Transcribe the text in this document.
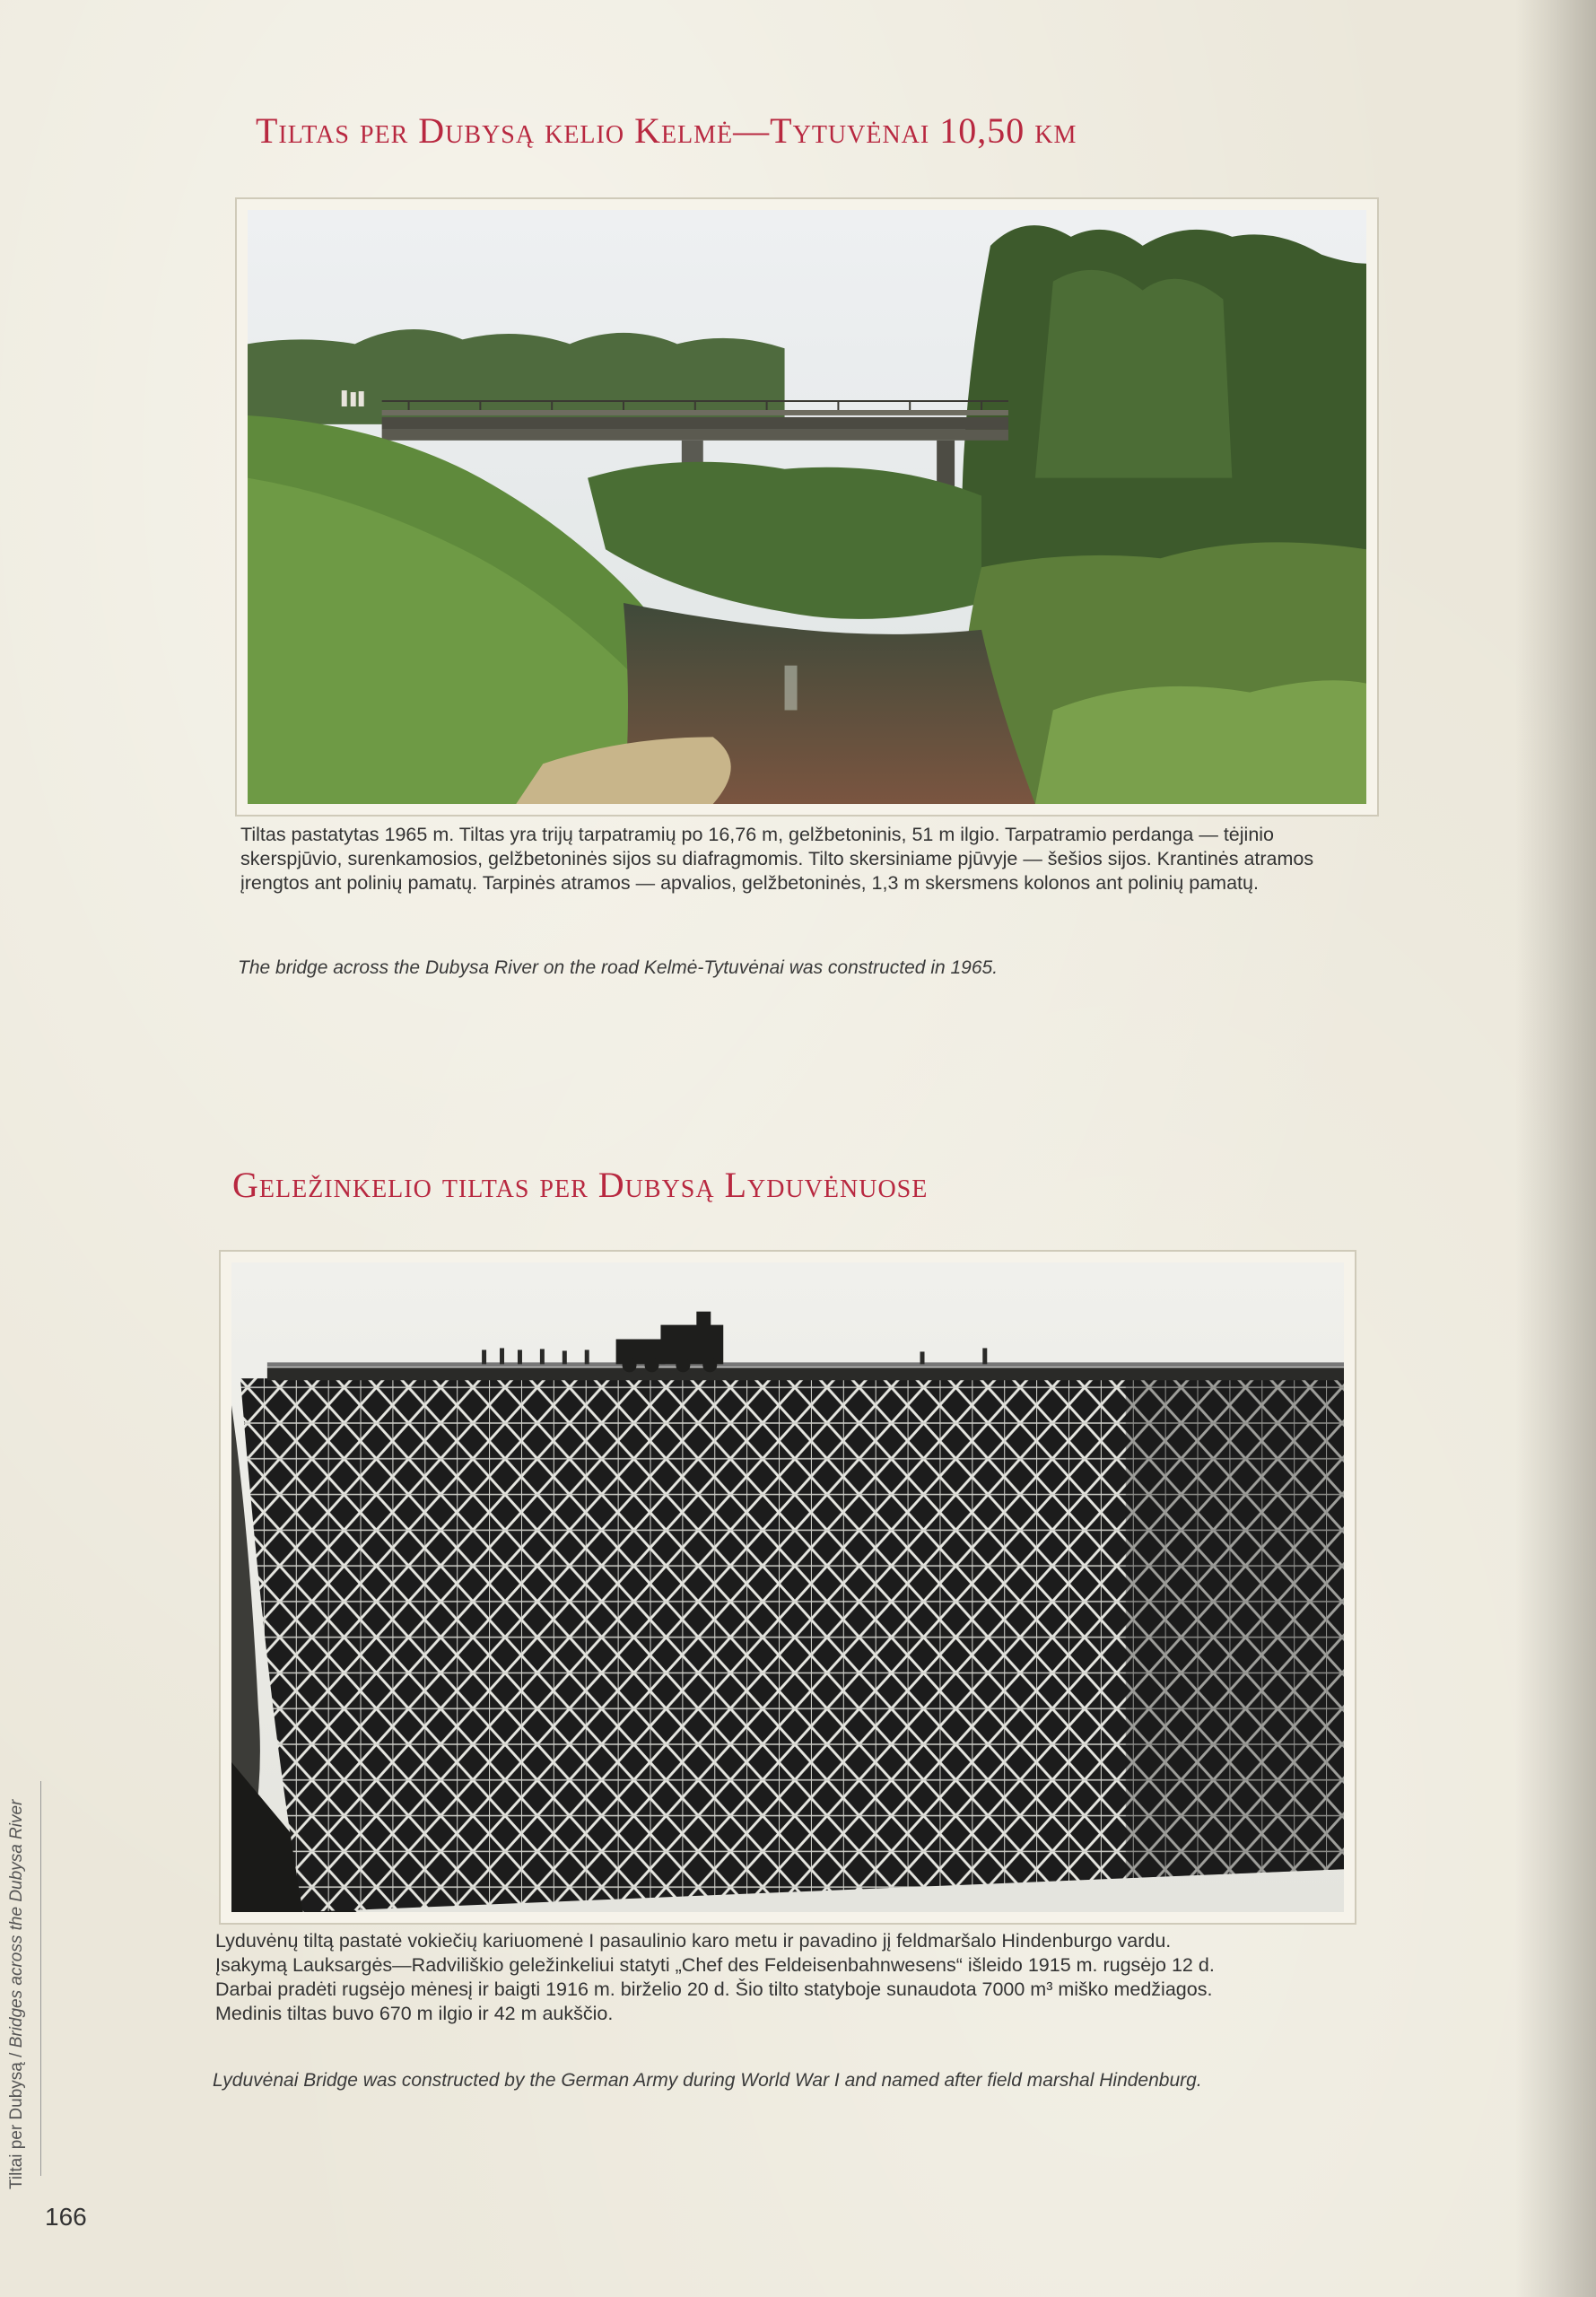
Tiltas per Dubysą kelio Kelmė—Tytuvėnai 10,50 km

Tiltas pastatytas 1965 m. Tiltas yra trijų tarpatramių po 16,76 m, gelžbetoninis, 51 m ilgio. Tarpatramio perdanga — tėjinio skerspjūvio, surenkamosios, gelžbetoninės sijos su diafragmomis. Tilto skersiniame pjūvyje — šešios sijos. Krantinės atramos įrengtos ant polinių pamatų. Tarpinės atramos — apvalios, gelžbetoninės, 1,3 m skersmens kolonos ant polinių pamatų.

The bridge across the Dubysa River on the road Kelmė-Tytuvėnai was constructed in 1965.

Geležinkelio tiltas per Dubysą Lyduvėnuose
Lyduvėnų tiltą pastatė vokiečių kariuomenė I pasaulinio karo metu ir pavadino jį feldmaršalo Hindenburgo vardu.
Įsakymą Lauksargės—Radviliškio geležinkeliui statyti „Chef des Feldeisenbahnwesens“ išleido 1915 m. rugsėjo 12 d.
Darbai pradėti rugsėjo mėnesį ir baigti 1916 m. birželio 20 d. Šio tilto statyboje sunaudota 7000 m³ miško medžiagos.
Medinis tiltas buvo 670 m ilgio ir 42 m aukščio.

Lyduvėnai Bridge was constructed by the German Army during World War I and named after field marshal Hindenburg.

Tiltai per Dubysą / Bridges across the Dubysa River

166
